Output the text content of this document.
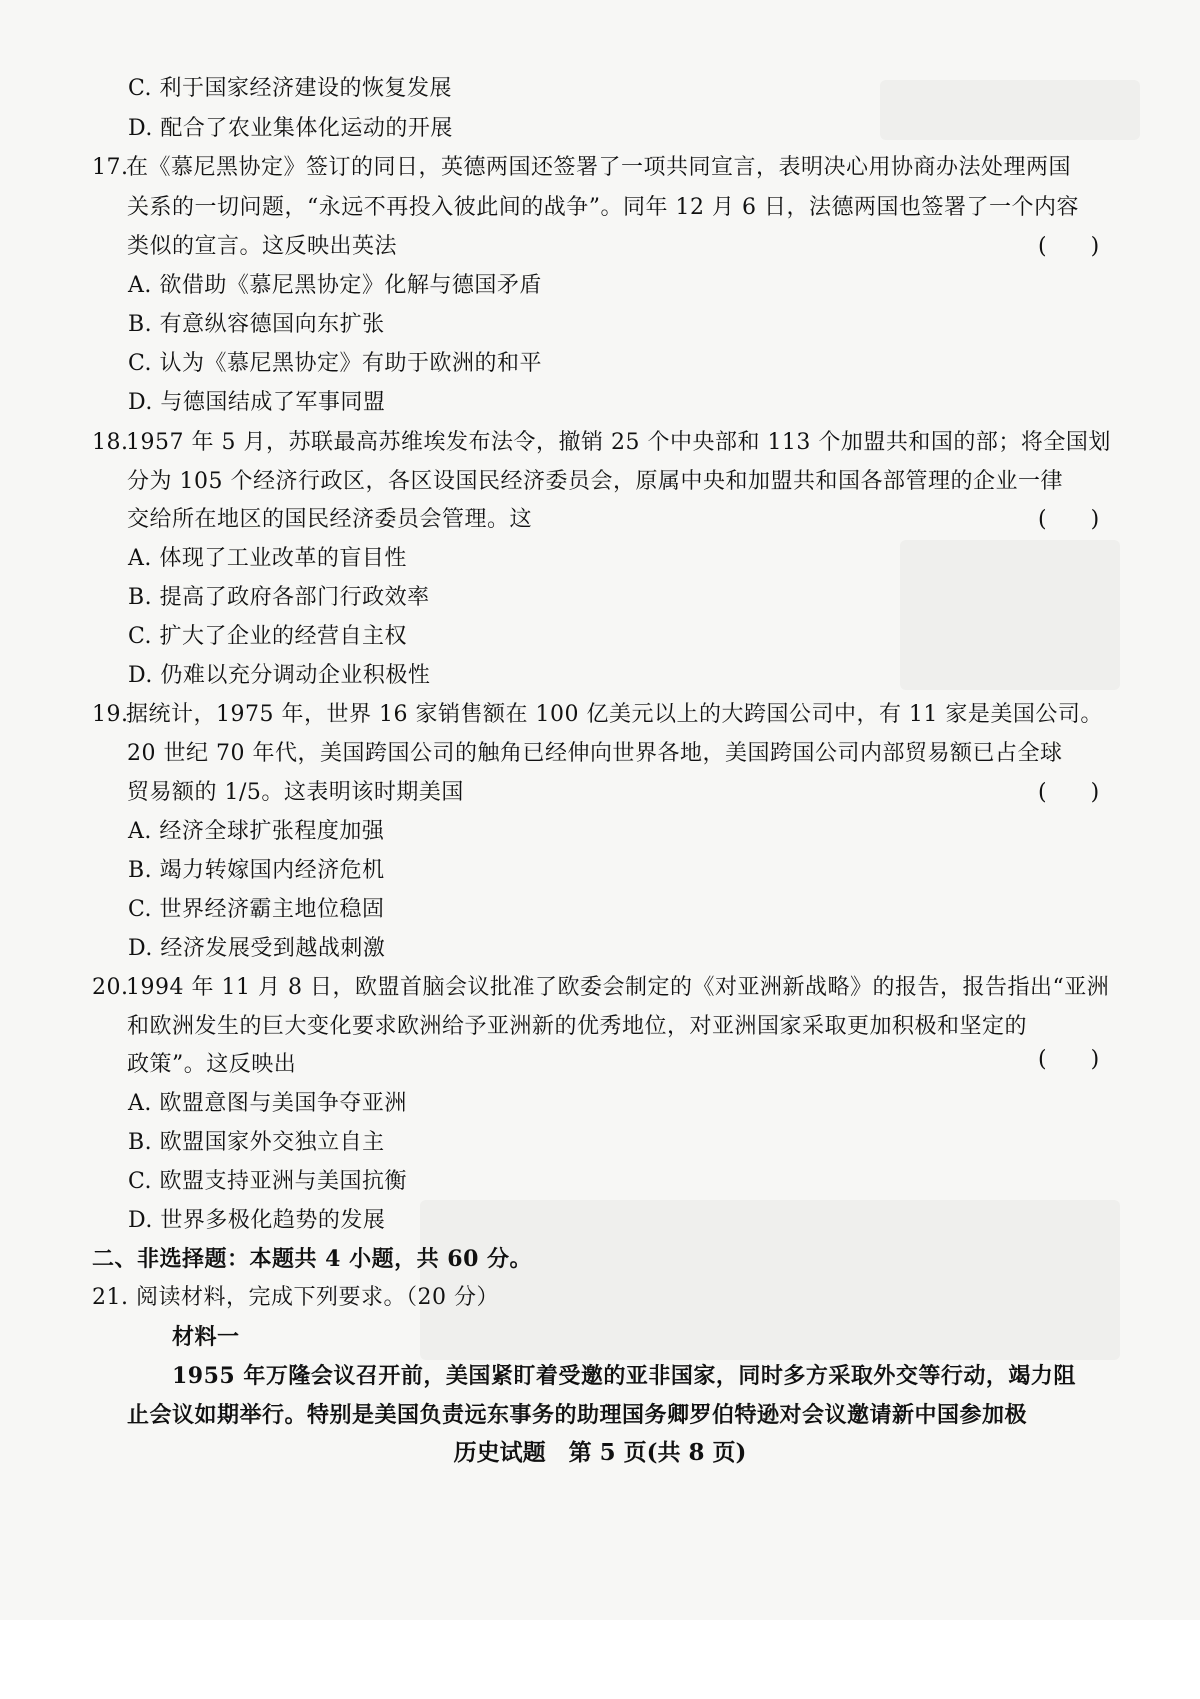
C. 利于国家经济建设的恢复发展
D. 配合了农业集体化运动的开展
17.
在《慕尼黑协定》签订的同日，英德两国还签署了一项共同宣言，表明决心用协商办法处理两国
关系的一切问题，“永远不再投入彼此间的战争”。同年 12 月 6 日，法德两国也签署了一个内容
类似的宣言。这反映出英法	(　　)
A. 欲借助《慕尼黑协定》化解与德国矛盾
B. 有意纵容德国向东扩张
C. 认为《慕尼黑协定》有助于欧洲的和平
D. 与德国结成了军事同盟
18.
1957 年 5 月，苏联最高苏维埃发布法令，撤销 25 个中央部和 113 个加盟共和国的部；将全国划
分为 105 个经济行政区，各区设国民经济委员会，原属中央和加盟共和国各部管理的企业一律
交给所在地区的国民经济委员会管理。这	(　　)
A. 体现了工业改革的盲目性
B. 提高了政府各部门行政效率
C. 扩大了企业的经营自主权
D. 仍难以充分调动企业积极性
19.
据统计，1975 年，世界 16 家销售额在 100 亿美元以上的大跨国公司中，有 11 家是美国公司。
20 世纪 70 年代，美国跨国公司的触角已经伸向世界各地，美国跨国公司内部贸易额已占全球
贸易额的 1/5。这表明该时期美国	(　　)
A. 经济全球扩张程度加强
B. 竭力转嫁国内经济危机
C. 世界经济霸主地位稳固
D. 经济发展受到越战刺激
20.
1994 年 11 月 8 日，欧盟首脑会议批准了欧委会制定的《对亚洲新战略》的报告，报告指出“亚洲
和欧洲发生的巨大变化要求欧洲给予亚洲新的优秀地位，对亚洲国家采取更加积极和坚定的
政策”。这反映出	(　　)
A. 欧盟意图与美国争夺亚洲
B. 欧盟国家外交独立自主
C. 欧盟支持亚洲与美国抗衡
D. 世界多极化趋势的发展
二、非选择题：本题共 4 小题，共 60 分。
21. 阅读材料，完成下列要求。（20 分）
材料一
1955 年万隆会议召开前，美国紧盯着受邀的亚非国家，同时多方采取外交等行动，竭力阻
止会议如期举行。特别是美国负责远东事务的助理国务卿罗伯特逊对会议邀请新中国参加极
历史试题　第 5 页(共 8 页)
